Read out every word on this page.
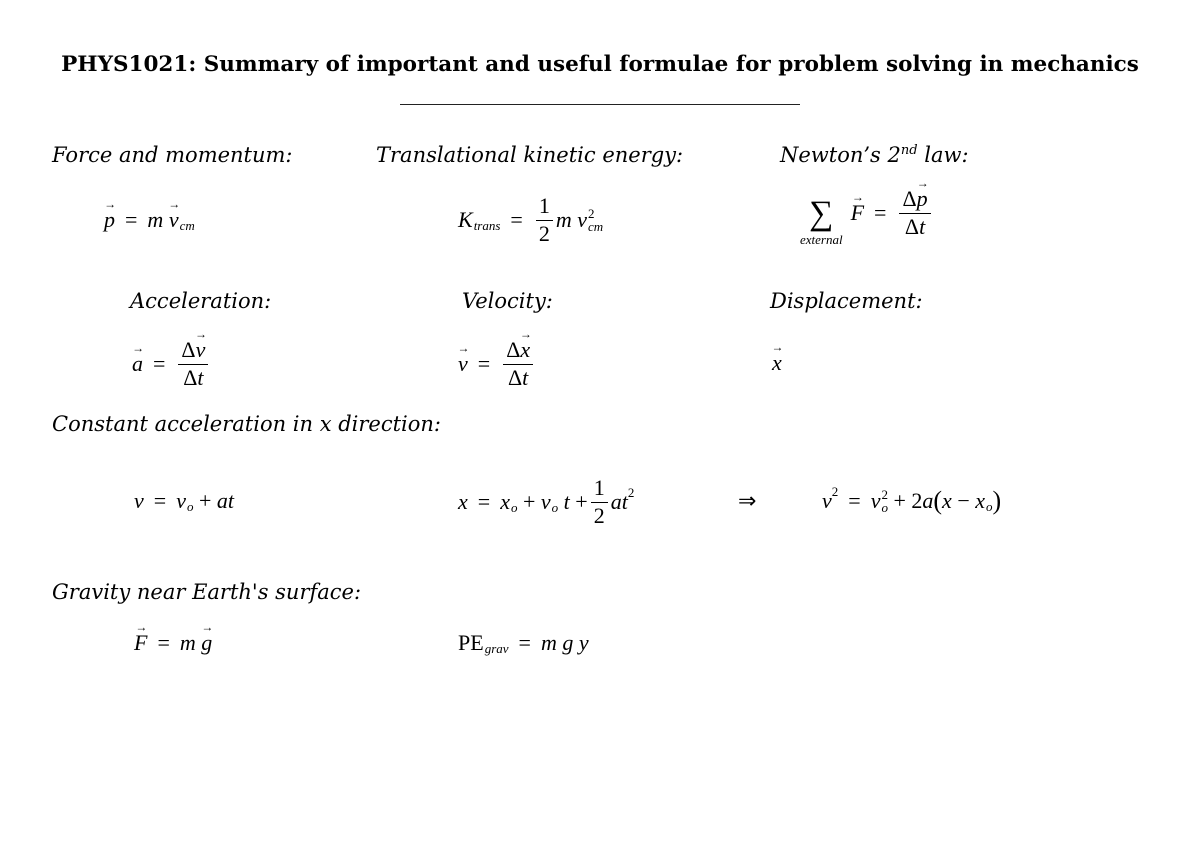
PHYS1021: Summary of important and useful formulae for problem solving in mechanics
Force and momentum:	Translational kinetic energy:	Newton’s 2nd law:
→ p = m
→ v cm	K trans = $\frac{1}{2}$ m
v 2
cm	∑
external
→ $F = \frac{\Delta\to p}{\Delta t}$
Acceleration:	Velocity:	Displacement:
→ $a = \frac{\Delta\to v}{\Delta t}$	→ $v = \frac{\Delta\to x}{\Delta t}$	→ x
Constant acceleration in x direction:
v = v o
+
at	x = x o
+
v o
t
+ $\frac{1}{2}$ at 2	⇒	v 2 = v 2
o
+
2 a ( x
−
x o )
Gravity near Earth's surface:
→ F = m
→ g	PE grav = m
g
y
